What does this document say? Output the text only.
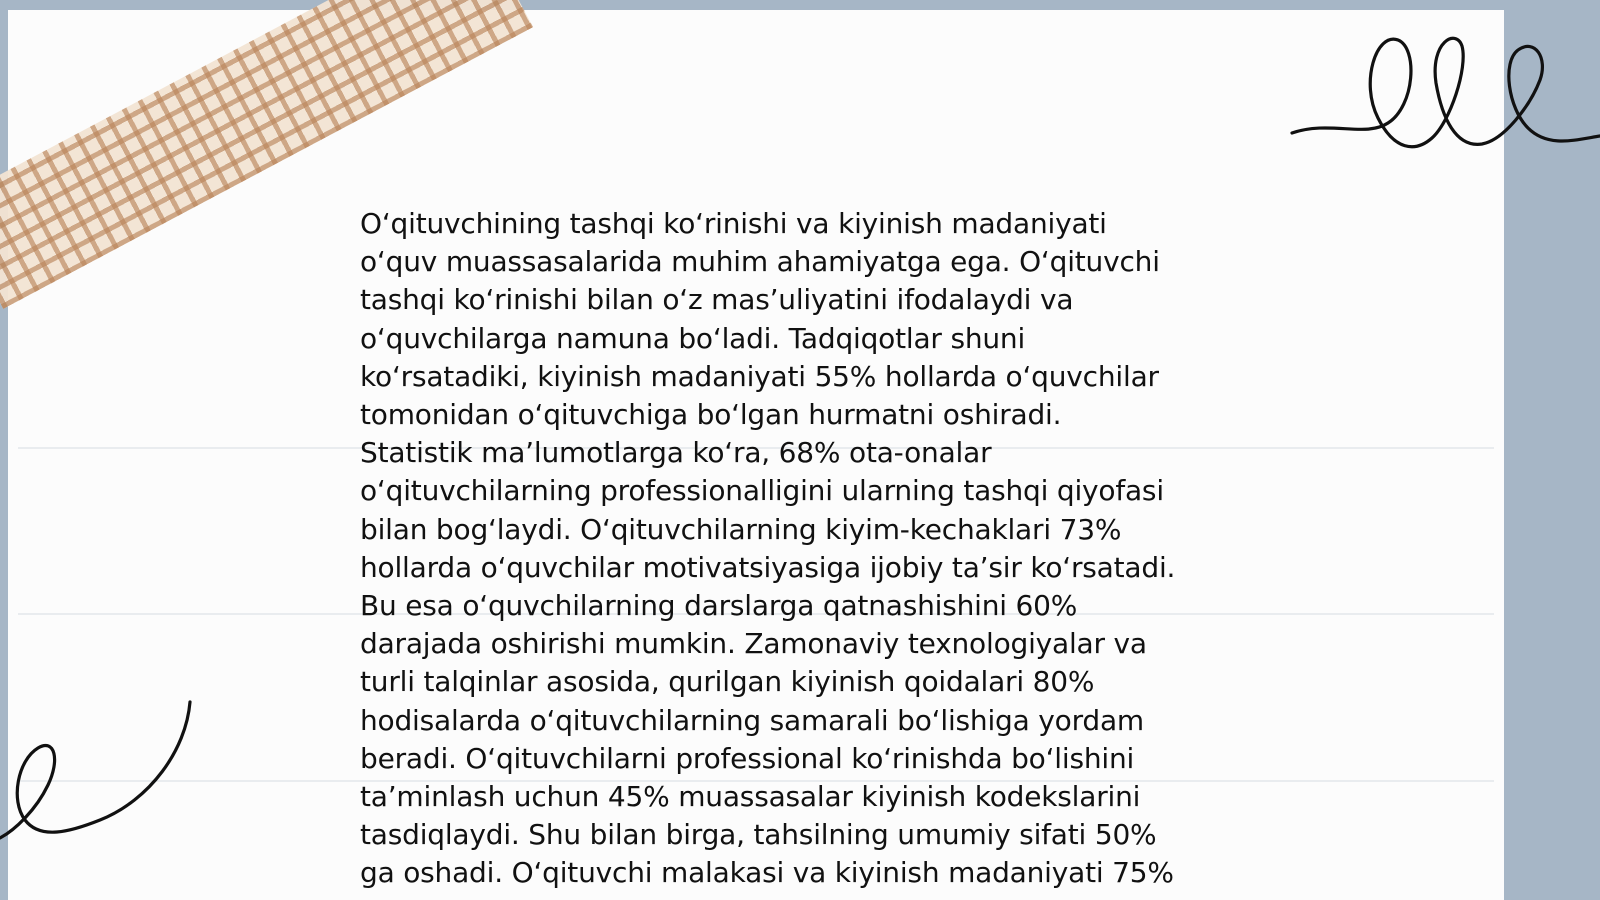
O‘qituvchining tashqi ko‘rinishi va kiyinish madaniyati
o‘quv muassasalarida muhim ahamiyatga ega. O‘qituvchi
tashqi ko‘rinishi bilan o‘z mas’uliyatini ifodalaydi va
o‘quvchilarga namuna bo‘ladi. Tadqiqotlar shuni
ko‘rsatadiki, kiyinish madaniyati 55% hollarda o‘quvchilar
tomonidan o‘qituvchiga bo‘lgan hurmatni oshiradi.
Statistik ma’lumotlarga ko‘ra, 68% ota-onalar
o‘qituvchilarning professionalligini ularning tashqi qiyofasi
bilan bog‘laydi. O‘qituvchilarning kiyim-kechaklari 73%
hollarda o‘quvchilar motivatsiyasiga ijobiy ta’sir ko‘rsatadi.
Bu esa o‘quvchilarning darslarga qatnashishini 60%
darajada oshirishi mumkin. Zamonaviy texnologiyalar va
turli talqinlar asosida, qurilgan kiyinish qoidalari 80%
hodisalarda o‘qituvchilarning samarali bo‘lishiga yordam
beradi. O‘qituvchilarni professional ko‘rinishda bo‘lishini
ta’minlash uchun 45% muassasalar kiyinish kodekslarini
tasdiqlaydi. Shu bilan birga, tahsilning umumiy sifati 50%
ga oshadi. O‘qituvchi malakasi va kiyinish madaniyati 75%
